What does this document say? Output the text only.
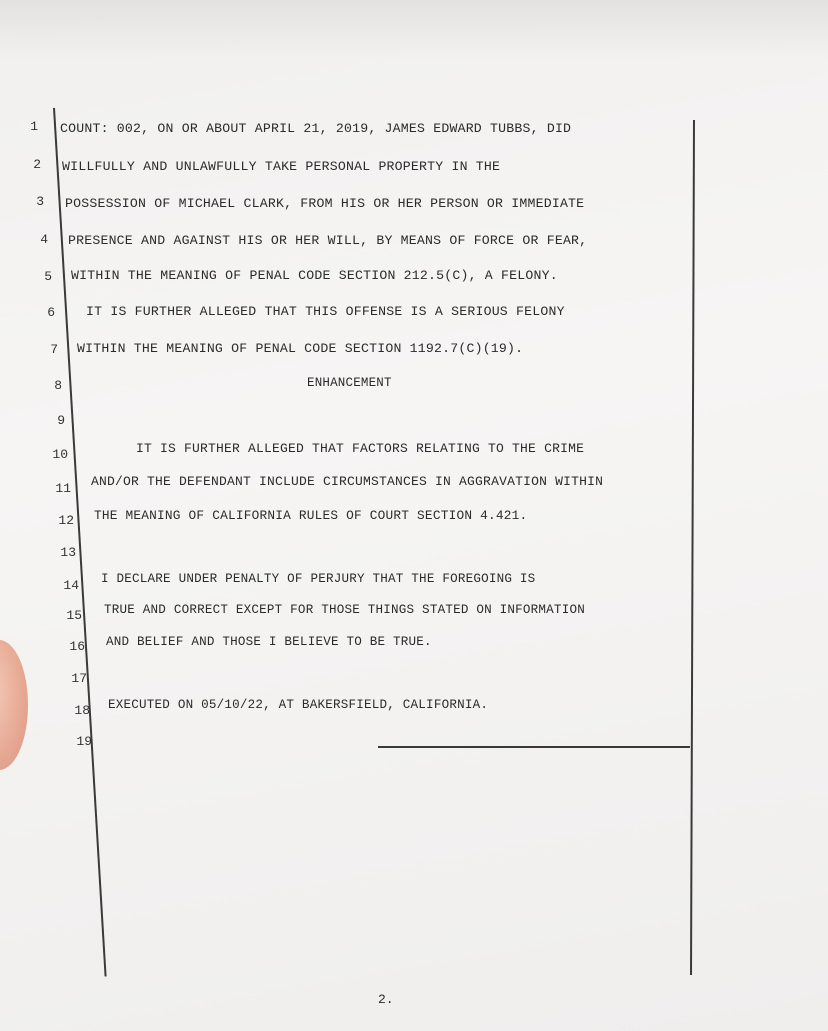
1
2
3
4
5
6
7
8
9
10
11
12
13
14
15
16
17
18
19
COUNT: 002, ON OR ABOUT APRIL 21, 2019, JAMES EDWARD TUBBS, DID
WILLFULLY AND UNLAWFULLY TAKE PERSONAL PROPERTY IN THE
POSSESSION OF MICHAEL CLARK, FROM HIS OR HER PERSON OR IMMEDIATE
PRESENCE AND AGAINST HIS OR HER WILL, BY MEANS OF FORCE OR FEAR,
WITHIN THE MEANING OF PENAL CODE SECTION 212.5(C), A FELONY.
IT IS FURTHER ALLEGED THAT THIS OFFENSE IS A SERIOUS FELONY
WITHIN THE MEANING OF PENAL CODE SECTION 1192.7(C)(19).
ENHANCEMENT
IT IS FURTHER ALLEGED THAT FACTORS RELATING TO THE CRIME
AND/OR THE DEFENDANT INCLUDE CIRCUMSTANCES IN AGGRAVATION WITHIN
THE MEANING OF CALIFORNIA RULES OF COURT SECTION 4.421.
I DECLARE UNDER PENALTY OF PERJURY THAT THE FOREGOING IS
TRUE AND CORRECT EXCEPT FOR THOSE THINGS STATED ON INFORMATION
AND BELIEF AND THOSE I BELIEVE TO BE TRUE.
EXECUTED ON 05/10/22, AT BAKERSFIELD, CALIFORNIA.
2.
